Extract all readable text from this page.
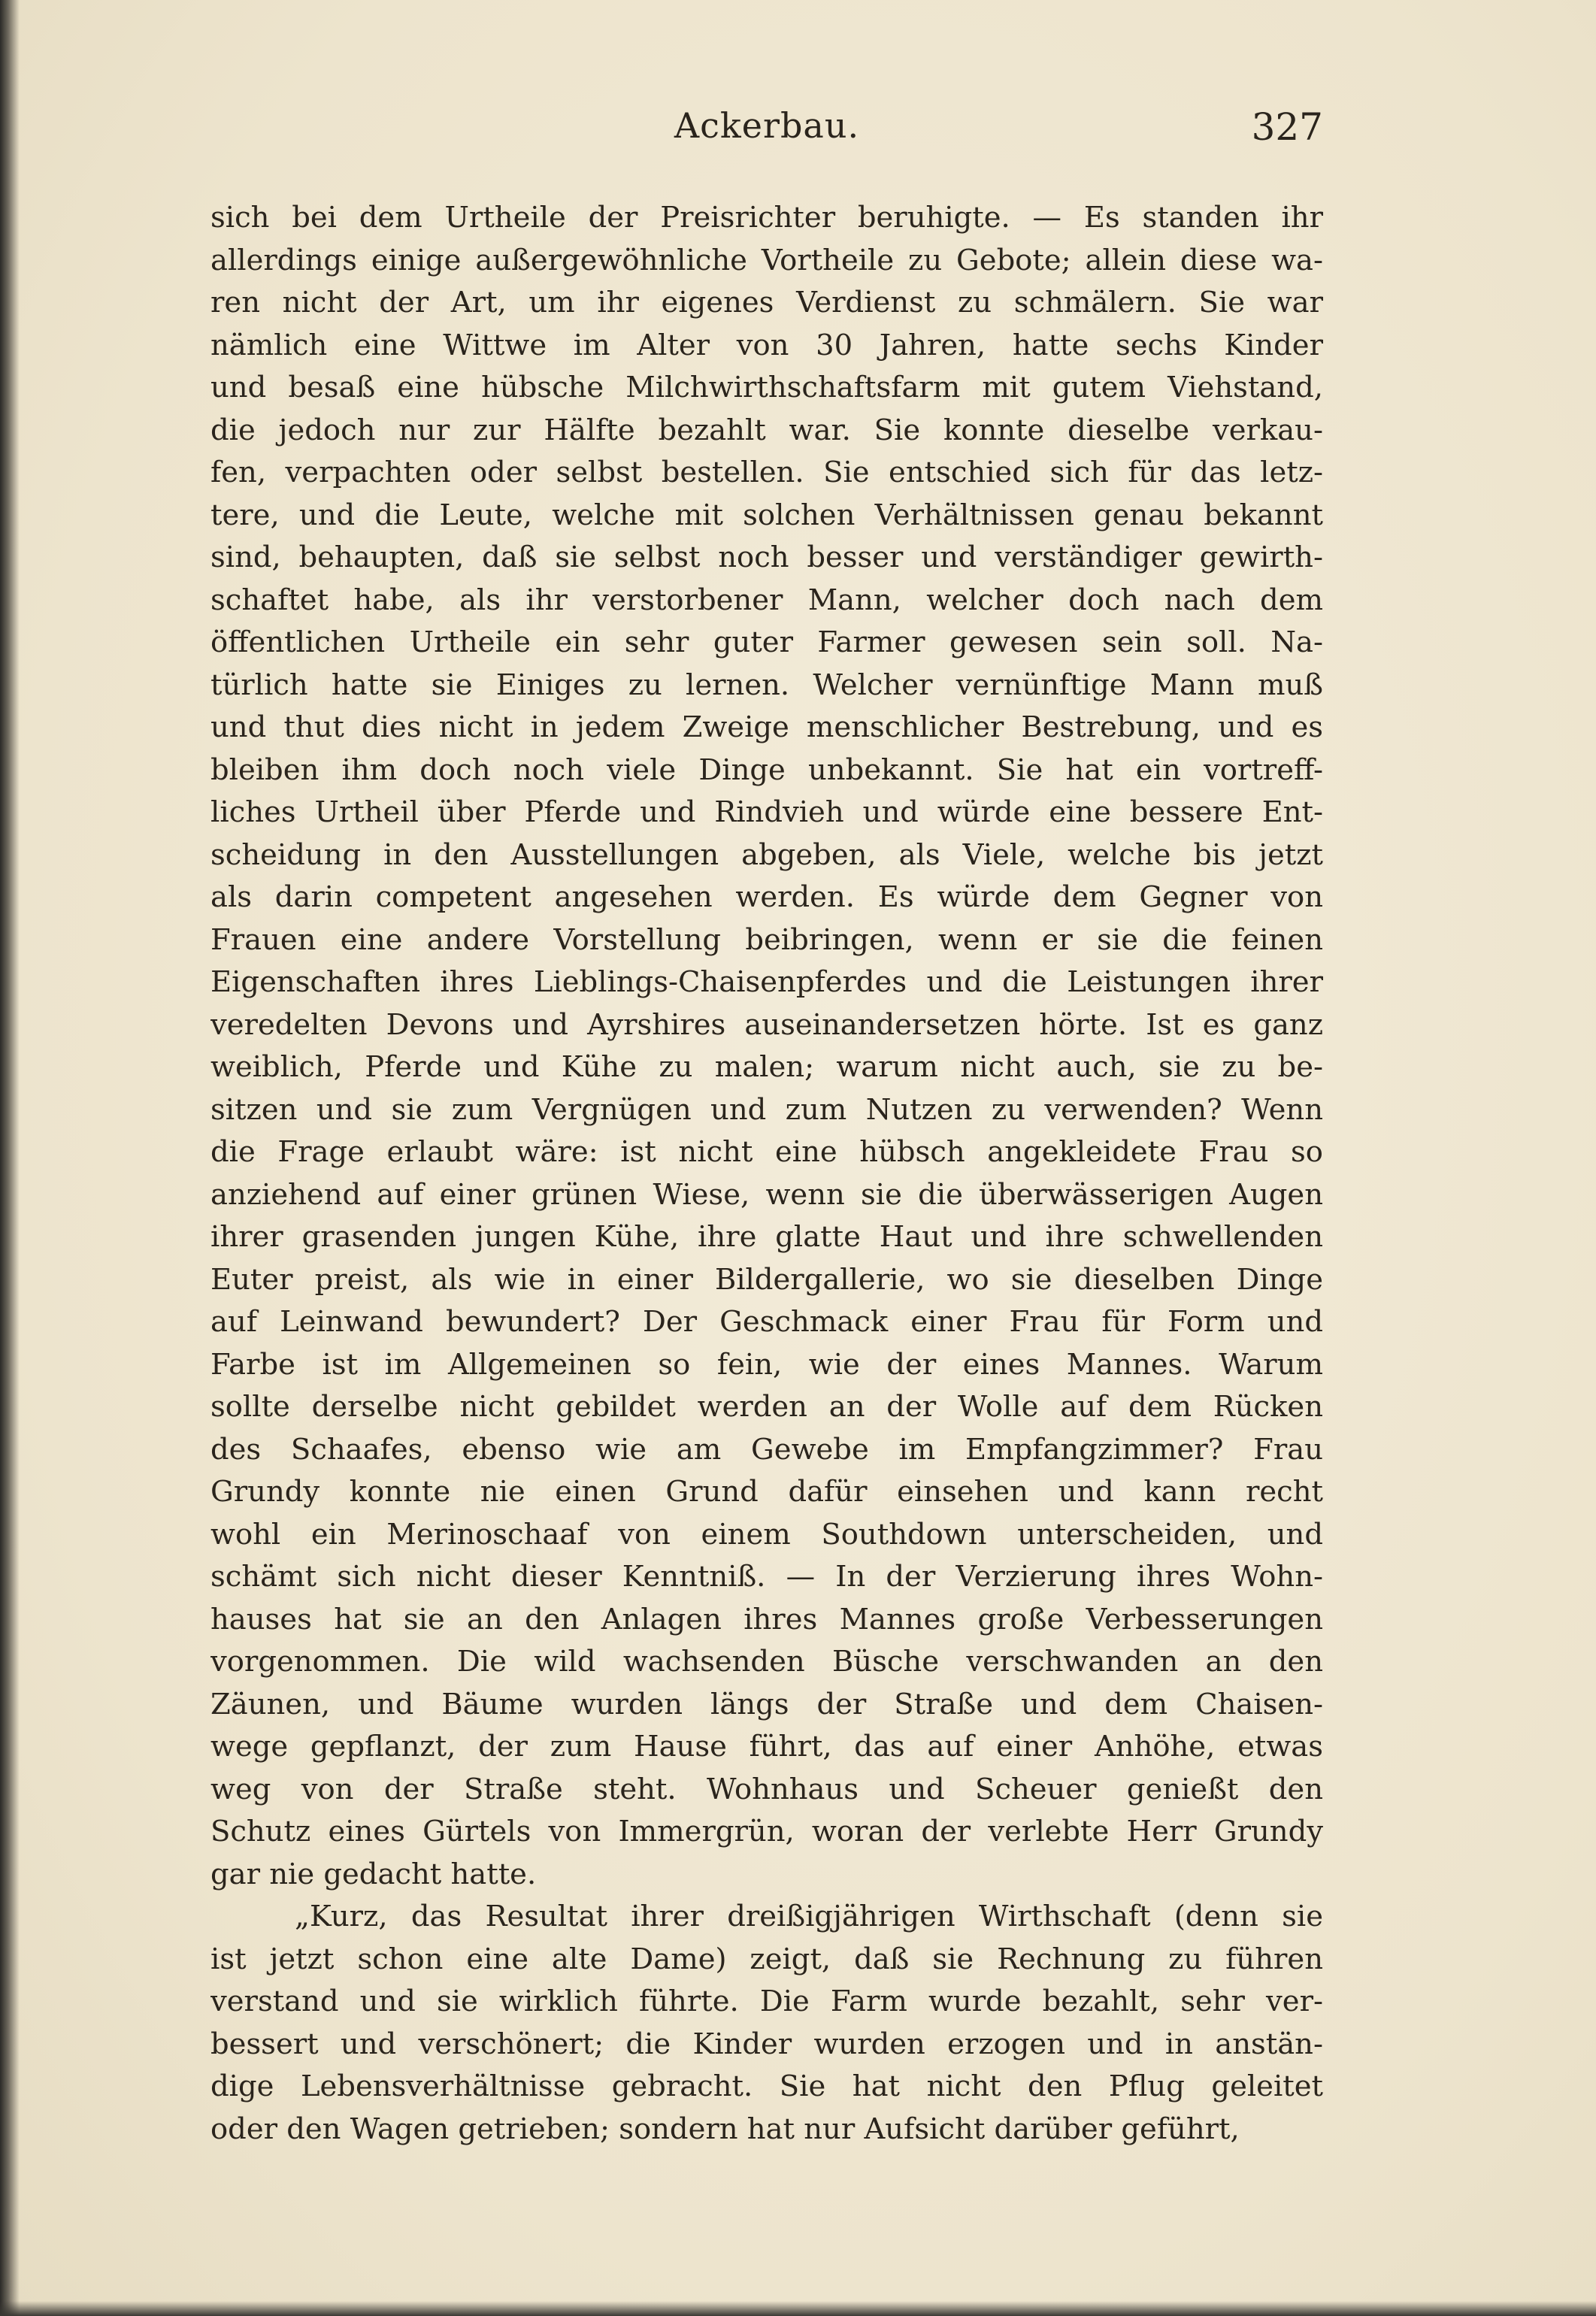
Ackerbau.	327
sich bei dem Urtheile der Preisrichter beruhigte. — Es standen ihr
allerdings einige außergewöhnliche Vortheile zu Gebote; allein diese wa-
ren nicht der Art, um ihr eigenes Verdienst zu schmälern. Sie war
nämlich eine Wittwe im Alter von 30 Jahren, hatte sechs Kinder
und besaß eine hübsche Milchwirthschaftsfarm mit gutem Viehstand,
die jedoch nur zur Hälfte bezahlt war. Sie konnte dieselbe verkau-
fen, verpachten oder selbst bestellen. Sie entschied sich für das letz-
tere, und die Leute, welche mit solchen Verhältnissen genau bekannt
sind, behaupten, daß sie selbst noch besser und verständiger gewirth-
schaftet habe, als ihr verstorbener Mann, welcher doch nach dem
öffentlichen Urtheile ein sehr guter Farmer gewesen sein soll. Na-
türlich hatte sie Einiges zu lernen. Welcher vernünftige Mann muß
und thut dies nicht in jedem Zweige menschlicher Bestrebung, und es
bleiben ihm doch noch viele Dinge unbekannt. Sie hat ein vortreff-
liches Urtheil über Pferde und Rindvieh und würde eine bessere Ent-
scheidung in den Ausstellungen abgeben, als Viele, welche bis jetzt
als darin competent angesehen werden. Es würde dem Gegner von
Frauen eine andere Vorstellung beibringen, wenn er sie die feinen
Eigenschaften ihres Lieblings-Chaisenpferdes und die Leistungen ihrer
veredelten Devons und Ayrshires auseinandersetzen hörte. Ist es ganz
weiblich, Pferde und Kühe zu malen; warum nicht auch, sie zu be-
sitzen und sie zum Vergnügen und zum Nutzen zu verwenden? Wenn
die Frage erlaubt wäre: ist nicht eine hübsch angekleidete Frau so
anziehend auf einer grünen Wiese, wenn sie die überwässerigen Augen
ihrer grasenden jungen Kühe, ihre glatte Haut und ihre schwellenden
Euter preist, als wie in einer Bildergallerie, wo sie dieselben Dinge
auf Leinwand bewundert? Der Geschmack einer Frau für Form und
Farbe ist im Allgemeinen so fein, wie der eines Mannes. Warum
sollte derselbe nicht gebildet werden an der Wolle auf dem Rücken
des Schaafes, ebenso wie am Gewebe im Empfangzimmer? Frau
Grundy konnte nie einen Grund dafür einsehen und kann recht
wohl ein Merinoschaaf von einem Southdown unterscheiden, und
schämt sich nicht dieser Kenntniß. — In der Verzierung ihres Wohn-
hauses hat sie an den Anlagen ihres Mannes große Verbesserungen
vorgenommen. Die wild wachsenden Büsche verschwanden an den
Zäunen, und Bäume wurden längs der Straße und dem Chaisen-
wege gepflanzt, der zum Hause führt, das auf einer Anhöhe, etwas
weg von der Straße steht. Wohnhaus und Scheuer genießt den
Schutz eines Gürtels von Immergrün, woran der verlebte Herr Grundy
gar nie gedacht hatte.
„Kurz, das Resultat ihrer dreißigjährigen Wirthschaft (denn sie
ist jetzt schon eine alte Dame) zeigt, daß sie Rechnung zu führen
verstand und sie wirklich führte. Die Farm wurde bezahlt, sehr ver-
bessert und verschönert; die Kinder wurden erzogen und in anstän-
dige Lebensverhältnisse gebracht. Sie hat nicht den Pflug geleitet
oder den Wagen getrieben; sondern hat nur Aufsicht darüber geführt,
